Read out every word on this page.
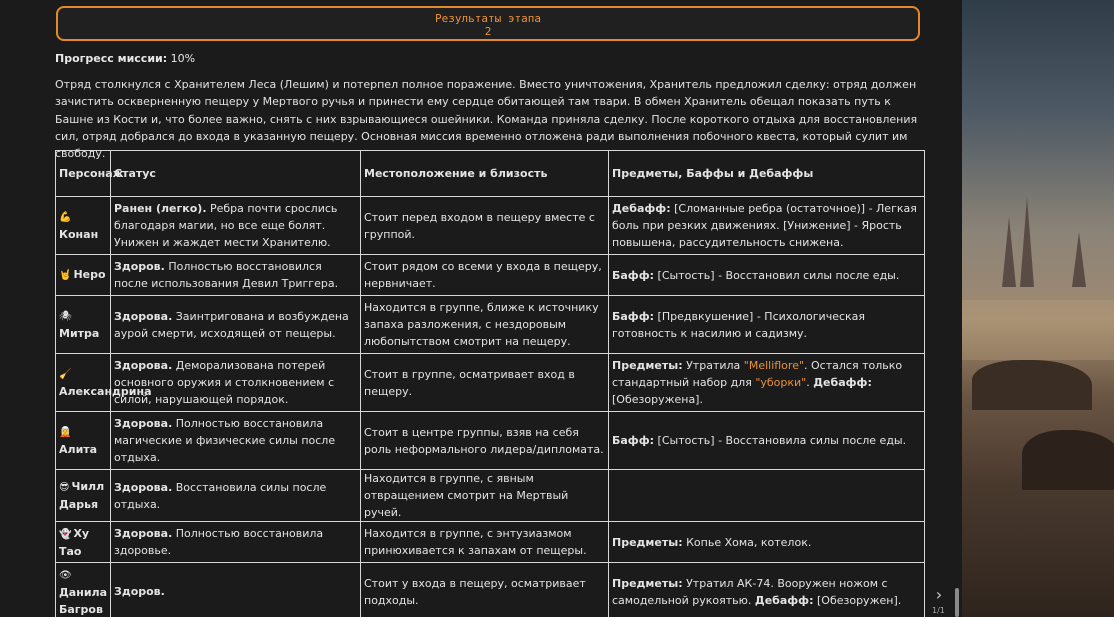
Результаты этапа
2
Прогресс миссии: 10%
Отряд столкнулся с Хранителем Леса (Лешим) и потерпел полное поражение. Вместо уничтожения, Хранитель предложил сделку: отряд должен зачистить оскверненную пещеру у Мертвого ручья и принести ему сердце обитающей там твари. В обмен Хранитель обещал показать путь к Башне из Кости и, что более важно, снять с них взрывающиеся ошейники. Команда приняла сделку. После короткого отдыха для восстановления сил, отряд добрался до входа в указанную пещеру. Основная миссия временно отложена ради выполнения побочного квеста, который сулит им свободу.
Персонаж	Статус	Местоположение и близость	Предметы, Баффы и Дебаффы
💪Конан	Ранен (легко). Ребра почти срослись благодаря магии, но все еще болят. Унижен и жаждет мести Хранителю.	Стоит перед входом в пещеру вместе с группой.	Дебафф: [Сломанные ребра (остаточное)] - Легкая боль при резких движениях. [Унижение] - Ярость повышена, рассудительность снижена.
🤘 Неро	Здоров. Полностью восстановился после использования Девил Триггера.	Стоит рядом со всеми у входа в пещеру, нервничает.	Бафф: [Сытость] - Восстановил силы после еды.
🕷Митра	Здорова. Заинтригована и возбуждена аурой смерти, исходящей от пещеры.	Находится в группе, ближе к источнику запаха разложения, с нездоровым любопытством смотрит на пещеру.	Бафф: [Предвкушение] - Психологическая готовность к насилию и садизму.
🧹Александрина	Здорова. Деморализована потерей основного оружия и столкновением с силой, нарушающей порядок.	Стоит в группе, осматривает вход в пещеру.	Предметы: Утратила "Melliflore". Остался только стандартный набор для "уборки". Дебафф: [Обезоружена].
🧝Алита	Здорова. Полностью восстановила магические и физические силы после отдыха.	Стоит в центре группы, взяв на себя роль неформального лидера/дипломата.	Бафф: [Сытость] - Восстановила силы после еды.
😎 Чилл Дарья	Здорова. Восстановила силы после отдыха.	Находится в группе, с явным отвращением смотрит на Мертвый ручей.	
👻 Ху Тао	Здорова. Полностью восстановила здоровье.	Находится в группе, с энтузиазмом принюхивается к запахам от пещеры.	Предметы: Копье Хома, котелок.
👁Данила Багров	Здоров.	Стоит у входа в пещеру, осматривает подходы.	Предметы: Утратил АК-74. Вооружен ножом с самодельной рукоятью. Дебафф: [Обезоружен]. ›
1/1
